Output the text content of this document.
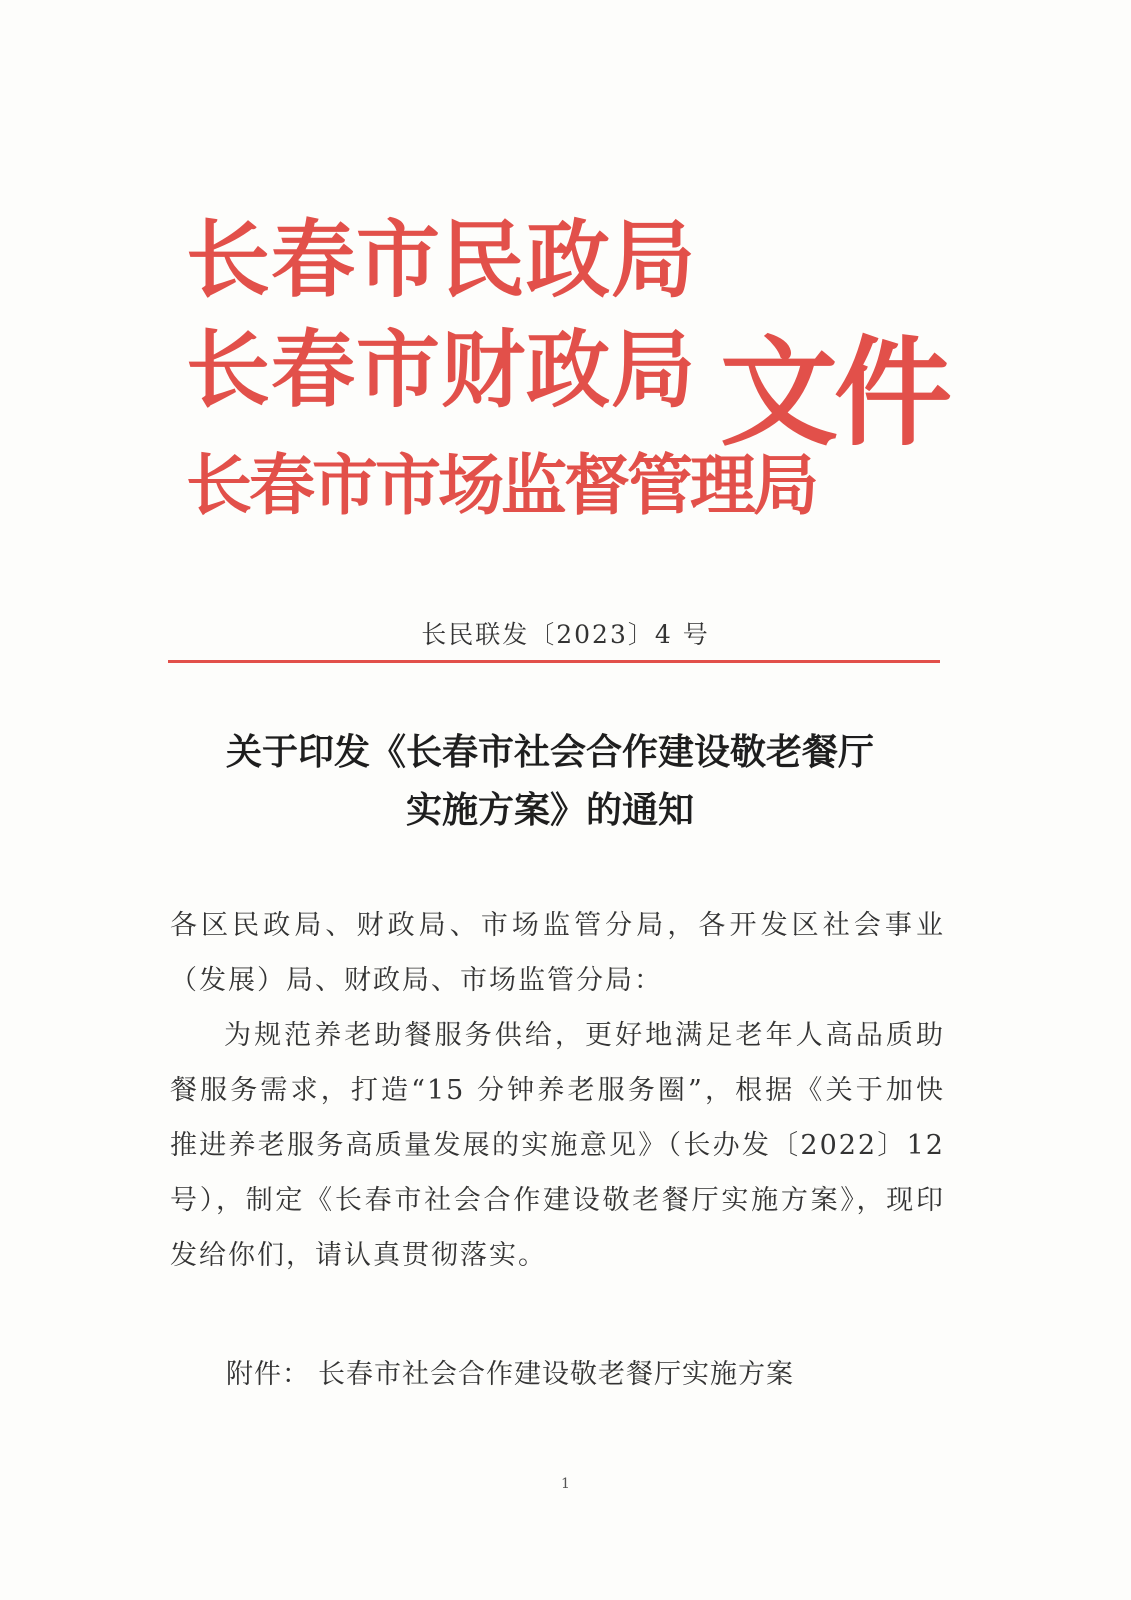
长春市民政局
长春市财政局
长春市市场监督管理局
文件
长民联发〔2023〕4 号
关于印发《长春市社会合作建设敬老餐厅
实施方案》的通知
各区民政局、财政局、市场监管分局，各开发区社会事业（发展）局、财政局、市场监管分局：
为规范养老助餐服务供给，更好地满足老年人高品质助餐服务需求，打造“15 分钟养老服务圈”，根据《关于加快推进养老服务高质量发展的实施意见》（长办发〔2022〕12 号），制定《长春市社会合作建设敬老餐厅实施方案》，现印发给你们，请认真贯彻落实。
附件： 长春市社会合作建设敬老餐厅实施方案
1
